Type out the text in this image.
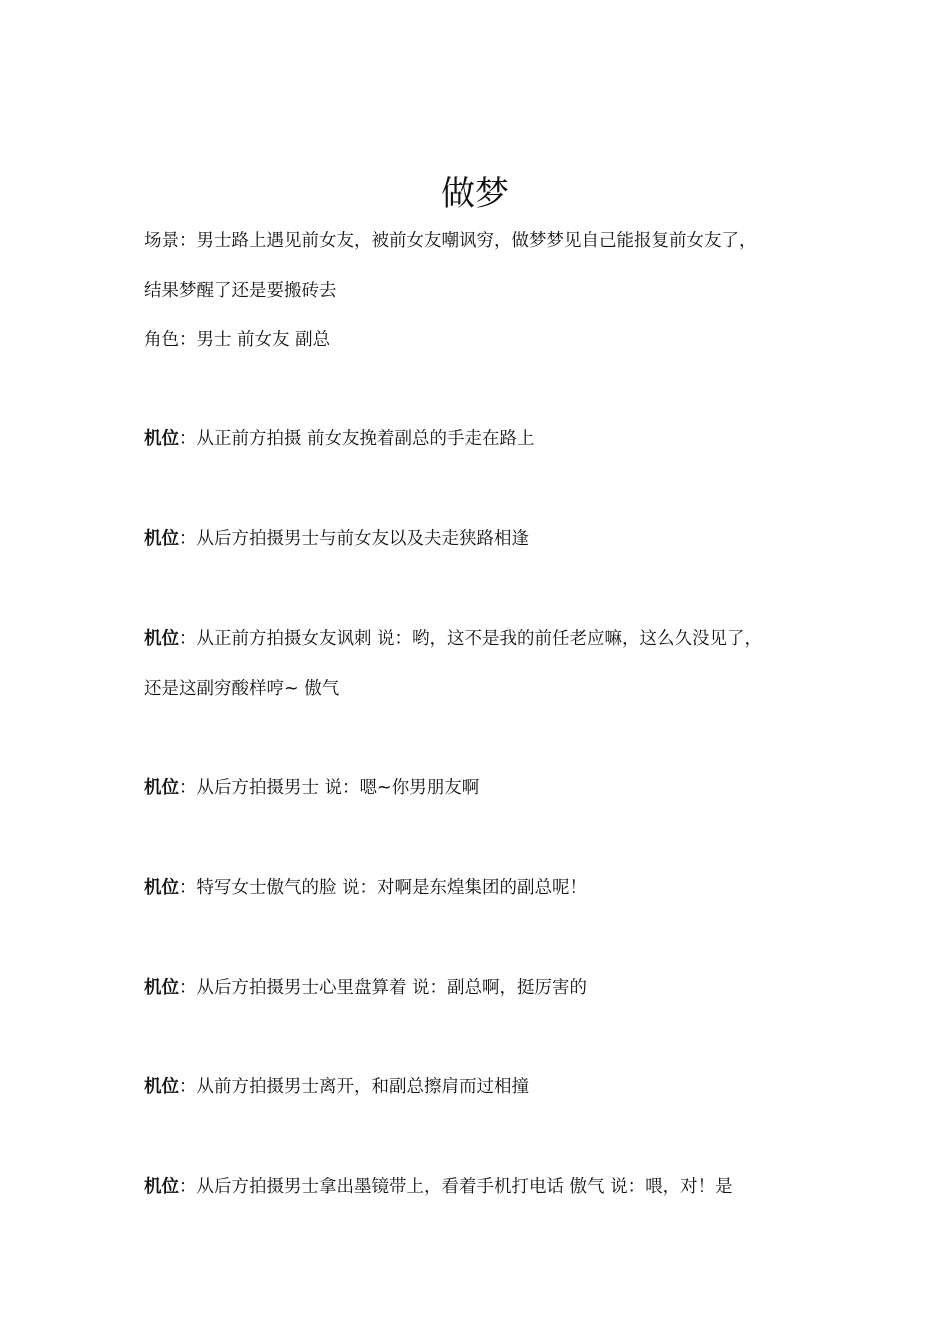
做梦

场景：男士路上遇见前女友，被前女友嘲讽穷，做梦梦见自己能报复前女友了，

结果梦醒了还是要搬砖去

角色：男士 前女友 副总

机位：从正前方拍摄 前女友挽着副总的手走在路上

机位：从后方拍摄男士与前女友以及夫走狭路相逢

机位：从正前方拍摄女友讽刺 说：哟，这不是我的前任老应嘛，这么久没见了，

还是这副穷酸样哼~ 傲气

机位：从后方拍摄男士 说：嗯~你男朋友啊

机位：特写女士傲气的脸 说：对啊是东煌集团的副总呢！

机位：从后方拍摄男士心里盘算着 说：副总啊，挺厉害的

机位：从前方拍摄男士离开，和副总擦肩而过相撞

机位：从后方拍摄男士拿出墨镜带上，看着手机打电话 傲气 说：喂，对！是
